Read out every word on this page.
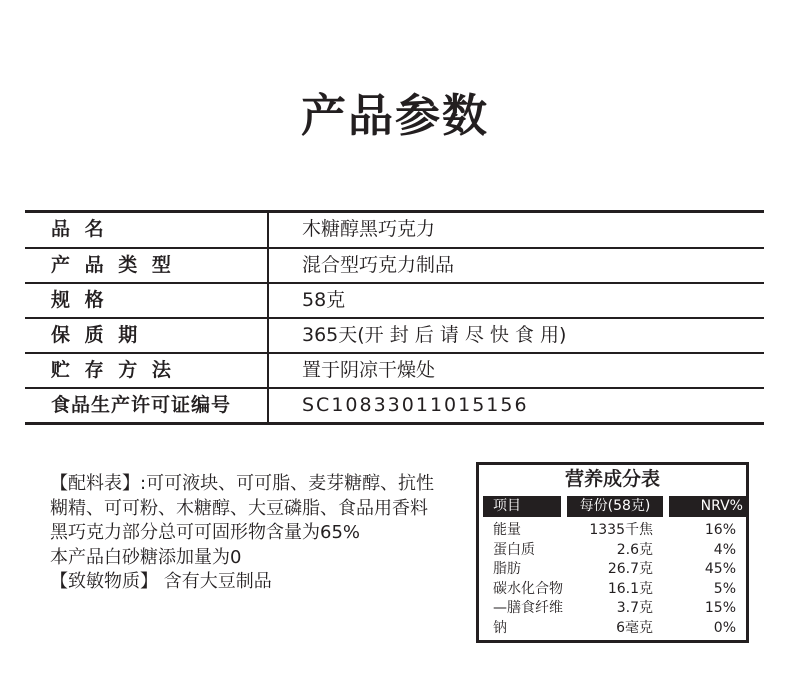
产品参数
品 名	木糖醇黑巧克力
产 品 类 型	混合型巧克力制品
规 格	58克
保 质 期	365天(开 封 后 请 尽 快 食 用)
贮 存 方 法	置于阴凉干燥处
食品生产许可证编号	SC10833011015156

【配料表】:可可液块、可可脂、麦芽糖醇、抗性

糊精、可可粉、木糖醇、大豆磷脂、食品用香料

黑巧克力部分总可可固形物含量为65%

本产品白砂糖添加量为0

【致敏物质】 含有大豆制品

营养成分表
项目	每份(58克)	NRV%
能量	1335千焦	16%
蛋白质	2.6克	4%
脂肪	26.7克	45%
碳水化合物	16.1克	5%
—膳食纤维	3.7克	15%
钠	6毫克	0%
